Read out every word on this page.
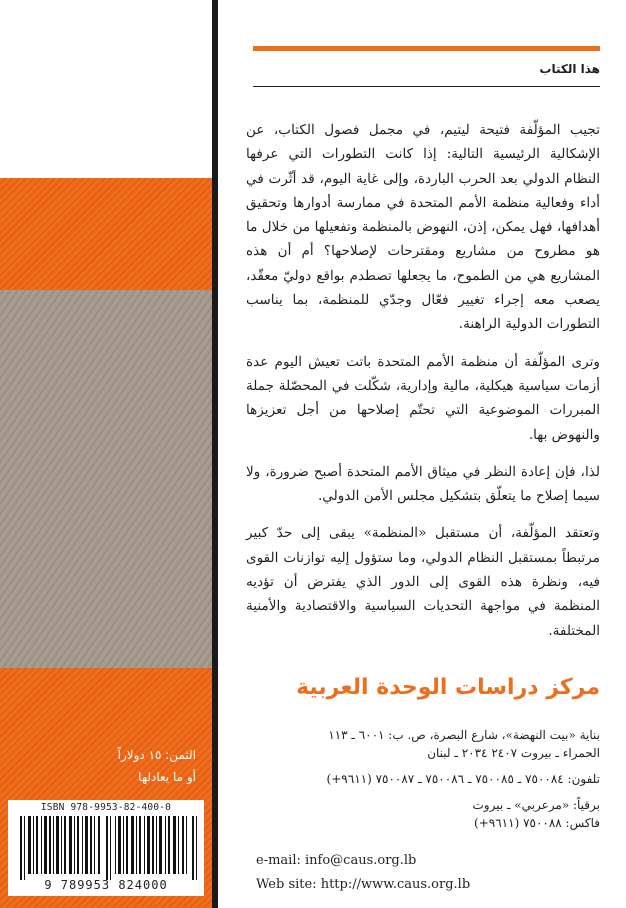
الثمن: ١٥ دولاراً
أو ما يعادلها
ISBN 978-9953-82-400-0
9 789953 824000
هذا الكتاب

تجيب المؤلّفة فتيحة ليتيم، في مجمل فصول الكتاب، عن الإشكالية الرئيسية التالية: إذا كانت التطورات التي عرفها النظام الدولي بعد الحرب الباردة، وإلى غاية اليوم، قد أثّرت في أداء وفعالية منظمة الأمم المتحدة في ممارسة أدوارها وتحقيق أهدافها، فهل يمكن، إذن، النهوض بالمنظمة وتفعيلها من خلال ما هو مطروح من مشاريع ومقترحات لإصلاحها؟ أم أن هذه المشاريع هي من الطموح، ما يجعلها تصطدم بواقع دوليّ معقّد، يصعب معه إجراء تغيير فعّال وجدّي للمنظمة، بما يناسب التطورات الدولية الراهنة.

وترى المؤلّفة أن منظمة الأمم المتحدة باتت تعيش اليوم عدة أزمات سياسية هيكلية، مالية وإدارية، شكّلت في المحصّلة جملة المبررات الموضوعية التي تحتّم إصلاحها من أجل تعزيزها والنهوض بها.

لذا، فإن إعادة النظر في ميثاق الأمم المتحدة أصبح ضرورة، ولا سيما إصلاح ما يتعلّق بتشكيل مجلس الأمن الدولي.

وتعتقد المؤلّفة، أن مستقبل «المنظمة» يبقى إلى حدّ كبير مرتبطاً بمستقبل النظام الدولي، وما ستؤول إليه توازنات القوى فيه، ونظرة هذه القوى إلى الدور الذي يفترض أن تؤديه المنظمة في مواجهة التحديات السياسية والاقتصادية والأمنية المختلفة.

مركز دراسات الوحدة العربية
بناية «بيت النهضة»، شارع البصرة، ص. ب: ٦٠٠١ ـ ١١٣
الحمراء ـ بيروت ٢٤٠٧ ٢٠٣٤ ـ لبنان
تلفون: ٧٥٠٠٨٤ ـ ٧٥٠٠٨٥ ـ ٧٥٠٠٨٦ ـ ٧٥٠٠٨٧ (٩٦١١+)
برقياً: «مرعربي» ـ بيروت
فاكس: ٧٥٠٠٨٨ (٩٦١١+)
e-mail: info@caus.org.lb
Web site: http://www.caus.org.lb
